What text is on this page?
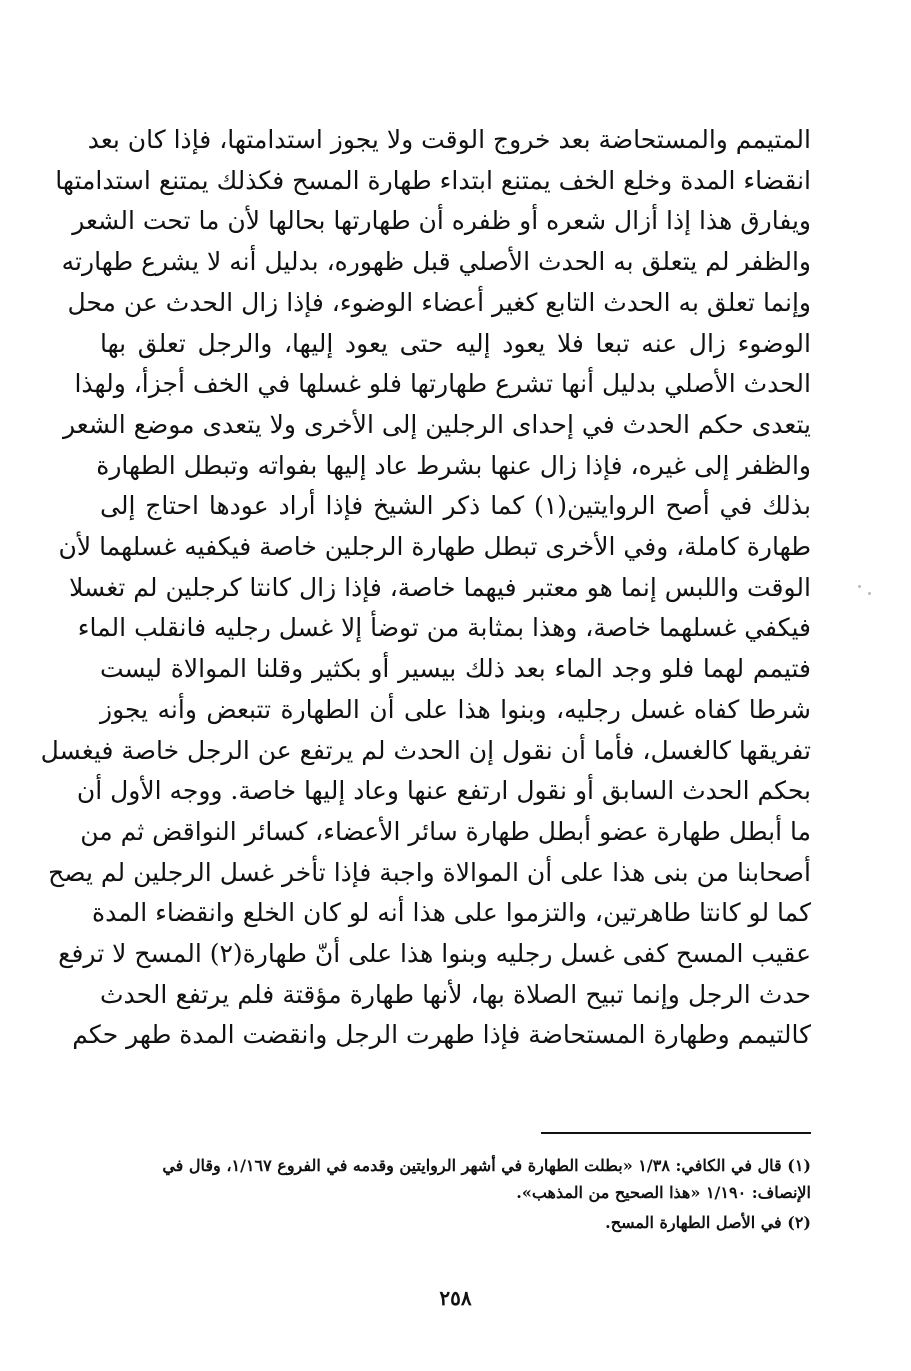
المتيمم والمستحاضة بعد خروج الوقت ولا يجوز استدامتها، فإذا كان بعد
انقضاء المدة وخلع الخف يمتنع ابتداء طهارة المسح فكذلك يمتنع استدامتها
ويفارق هذا إذا أزال شعره أو ظفره أن طهارتها بحالها لأن ما تحت الشعر
والظفر لم يتعلق به الحدث الأصلي قبل ظهوره، بدليل أنه لا يشرع طهارته
وإنما تعلق به الحدث التابع كغير أعضاء الوضوء، فإذا زال الحدث عن محل
الوضوء زال عنه تبعا فلا يعود إليه حتى يعود إليها، والرجل تعلق بها
الحدث الأصلي بدليل أنها تشرع طهارتها فلو غسلها في الخف أجزأ، ولهذا
يتعدى حكم الحدث في إحداى الرجلين إلى الأخرى ولا يتعدى موضع الشعر
والظفر إلى غيره، فإذا زال عنها بشرط عاد إليها بفواته وتبطل الطهارة
بذلك في أصح الروايتين(١) كما ذكر الشيخ فإذا أراد عودها احتاج إلى
طهارة كاملة، وفي الأخرى تبطل طهارة الرجلين خاصة فيكفيه غسلهما لأن
الوقت واللبس إنما هو معتبر فيهما خاصة، فإذا زال كانتا كرجلين لم تغسلا
فيكفي غسلهما خاصة، وهذا بمثابة من توضأ إلا غسل رجليه فانقلب الماء
فتيمم لهما فلو وجد الماء بعد ذلك بيسير أو بكثير وقلنا الموالاة ليست
شرطا كفاه غسل رجليه، وبنوا هذا على أن الطهارة تتبعض وأنه يجوز
تفريقها كالغسل، فأما أن نقول إن الحدث لم يرتفع عن الرجل خاصة فيغسل
بحكم الحدث السابق أو نقول ارتفع عنها وعاد إليها خاصة. ووجه الأول أن
ما أبطل طهارة عضو أبطل طهارة سائر الأعضاء، كسائر النواقض ثم من
أصحابنا من بنى هذا على أن الموالاة واجبة فإذا تأخر غسل الرجلين لم يصح
كما لو كانتا طاهرتين، والتزموا على هذا أنه لو كان الخلع وانقضاء المدة
عقيب المسح كفى غسل رجليه وبنوا هذا على أنّ طهارة(٢) المسح لا ترفع
حدث الرجل وإنما تبيح الصلاة بها، لأنها طهارة مؤقتة فلم يرتفع الحدث
كالتيمم وطهارة المستحاضة فإذا طهرت الرجل وانقضت المدة طهر حكم
(١) قال في الكافي: ١/٣٨ «بطلت الطهارة في أشهر الروايتين وقدمه في الفروع ١/١٦٧، وقال في الإنصاف: ١/١٩٠ «هذا الصحيح من المذهب».
(٢) في الأصل الطهارة المسح.
٢٥٨
